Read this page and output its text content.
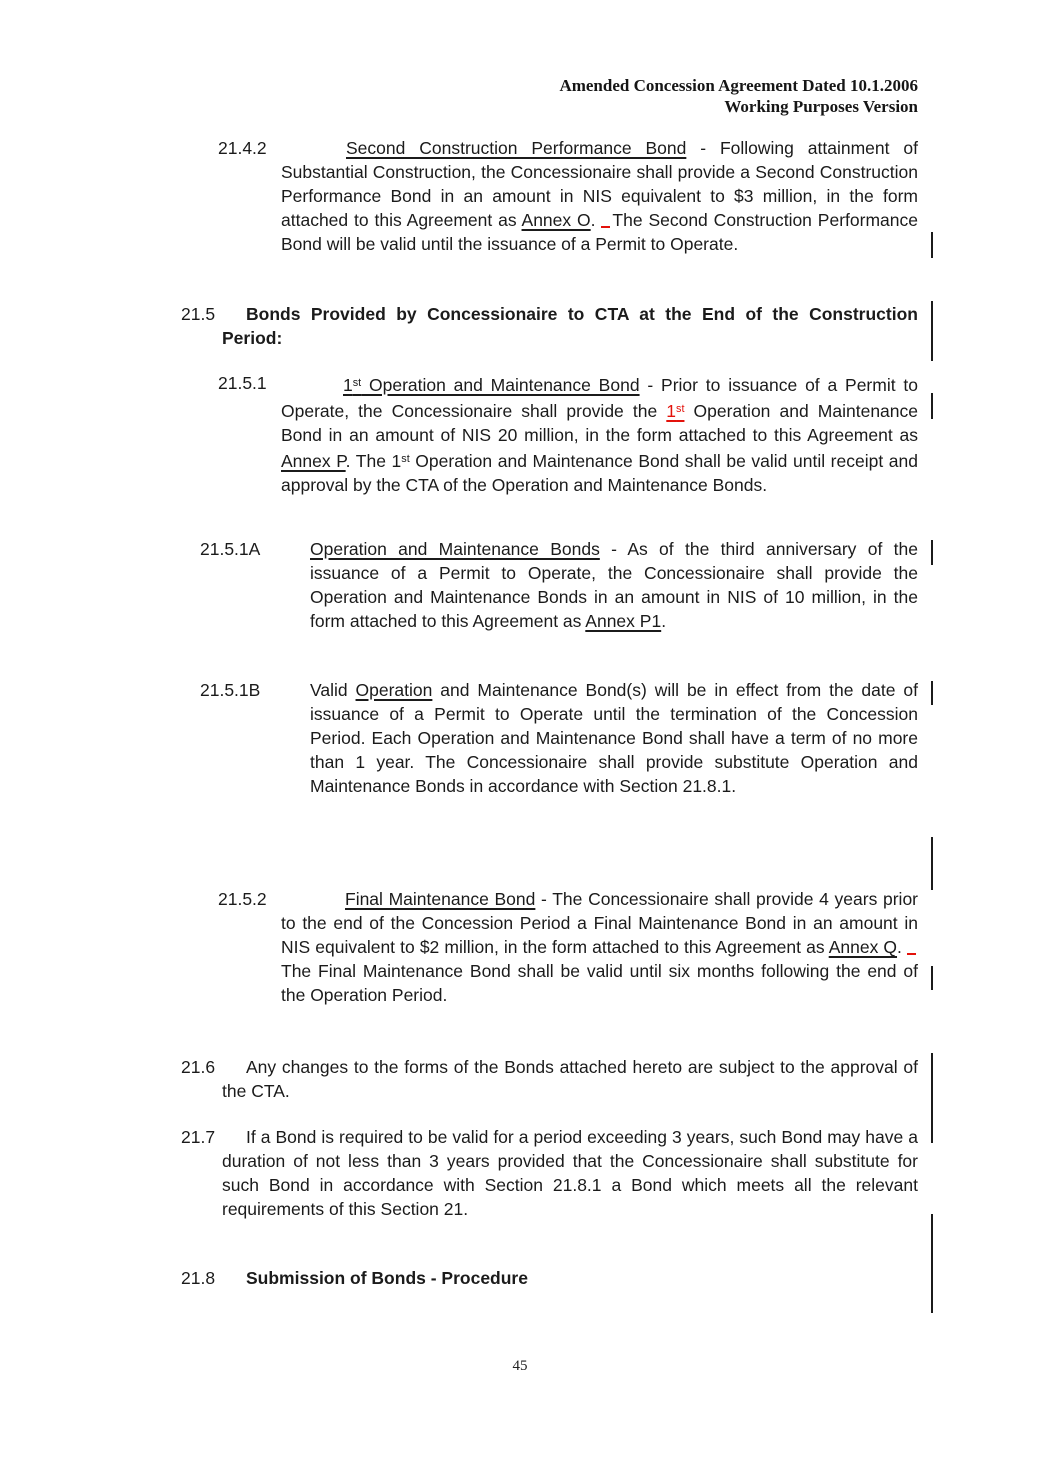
Amended Concession Agreement Dated 10.1.2006
Working Purposes Version
21.4.2	Second Construction Performance Bond - Following attainment of Substantial Construction, the Concessionaire shall provide a Second Construction Performance Bond in an amount in NIS equivalent to $3 million, in the form attached to this Agreement as Annex O. The Second Construction Performance Bond will be valid until the issuance of a Permit to Operate.
21.5	Bonds Provided by Concessionaire to CTA at the End of the Construction Period:
21.5.1	1st Operation and Maintenance Bond - Prior to issuance of a Permit to Operate, the Concessionaire shall provide the 1st Operation and Maintenance Bond in an amount of NIS 20 million, in the form attached to this Agreement as Annex P. The 1st Operation and Maintenance Bond shall be valid until receipt and approval by the CTA of the Operation and Maintenance Bonds.
21.5.1A	Operation and Maintenance Bonds - As of the third anniversary of the issuance of a Permit to Operate, the Concessionaire shall provide the Operation and Maintenance Bonds in an amount in NIS of 10 million, in the form attached to this Agreement as Annex P1.
21.5.1B	Valid Operation and Maintenance Bond(s) will be in effect from the date of issuance of a Permit to Operate until the termination of the Concession Period. Each Operation and Maintenance Bond shall have a term of no more than 1 year. The Concessionaire shall provide substitute Operation and Maintenance Bonds in accordance with Section 21.8.1.
21.5.2	Final Maintenance Bond - The Concessionaire shall provide 4 years prior to the end of the Concession Period a Final Maintenance Bond in an amount in NIS equivalent to $2 million, in the form attached to this Agreement as Annex Q. The Final Maintenance Bond shall be valid until six months following the end of the Operation Period.
21.6	Any changes to the forms of the Bonds attached hereto are subject to the approval of the CTA.
21.7	If a Bond is required to be valid for a period exceeding 3 years, such Bond may have a duration of not less than 3 years provided that the Concessionaire shall substitute for such Bond in accordance with Section 21.8.1 a Bond which meets all the relevant requirements of this Section 21.
21.8 Submission of Bonds - Procedure
45
